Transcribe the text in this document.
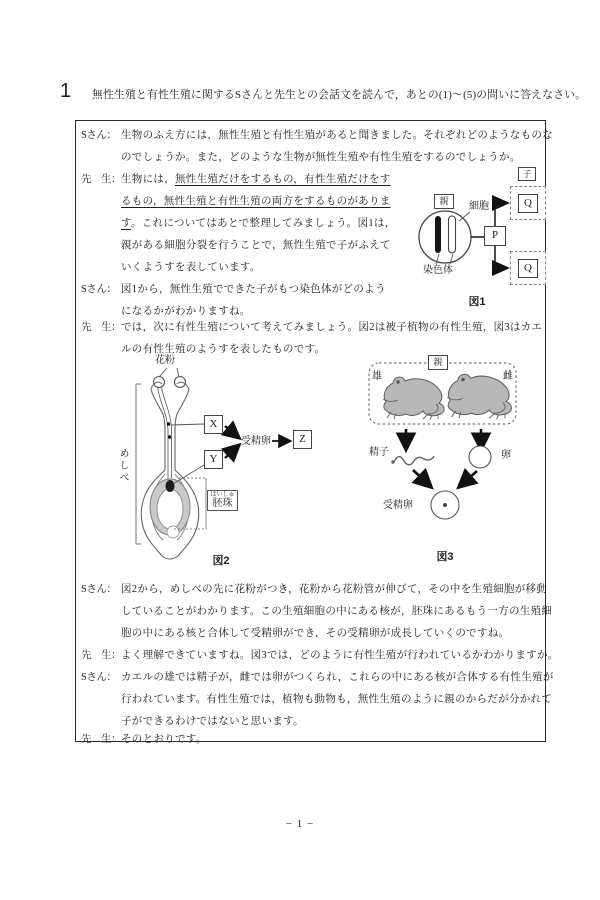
1 無性生殖と有性生殖に関するSさんと先生との会話文を読んで，あとの(1)～(5)の問いに答えなさい。
Sさん： 生物のふえ方には，無性生殖と有性生殖があると聞きました。それぞれどのようなものな
のでしょうか。また，どのような生物が無性生殖や有性生殖をするのでしょうか。
先　生：生物には，無性生殖だけをするもの，有性生殖だけをす
るもの，無性生殖と有性生殖の両方をするものがありま
す。これについてはあとで整理してみましょう。図1は，
親がある細胞分裂を行うことで，無性生殖で子がふえて
いくようすを表しています。
Sさん： 図1から，無性生殖でできた子がもつ染色体がどのよう
になるかがわかりますね。
先　生：では，次に有性生殖について考えてみましょう。図2は被子植物の有性生殖，図3はカエ
ルの有性生殖のようすを表したものです。
Sさん： 図2から，めしべの先に花粉がつき，花粉から花粉管が伸びて，その中を生殖細胞が移動
していることがわかります。この生殖細胞の中にある核が，胚珠にあるもう一方の生殖細
胞の中にある核と合体して受精卵ができ，その受精卵が成長していくのですね。
先　生：よく理解できていますね。図3では，どのように有性生殖が行われているかわかりますか。
Sさん： カエルの雄では精子が，雌では卵がつくられ，これらの中にある核が合体する有性生殖が
行われています。有性生殖では，植物も動物も，無性生殖のように親のからだが分かれて
子ができるわけではないと思います。
先　生：そのとおりです。
親	細胞
染色体
P
子
Q
Q
図1
花粉
めしべ
X
Y
受精卵	Z
はいしゅ
胚珠
図2
親
雄	雌
精子	卵
受精卵
図3
− 1 −
